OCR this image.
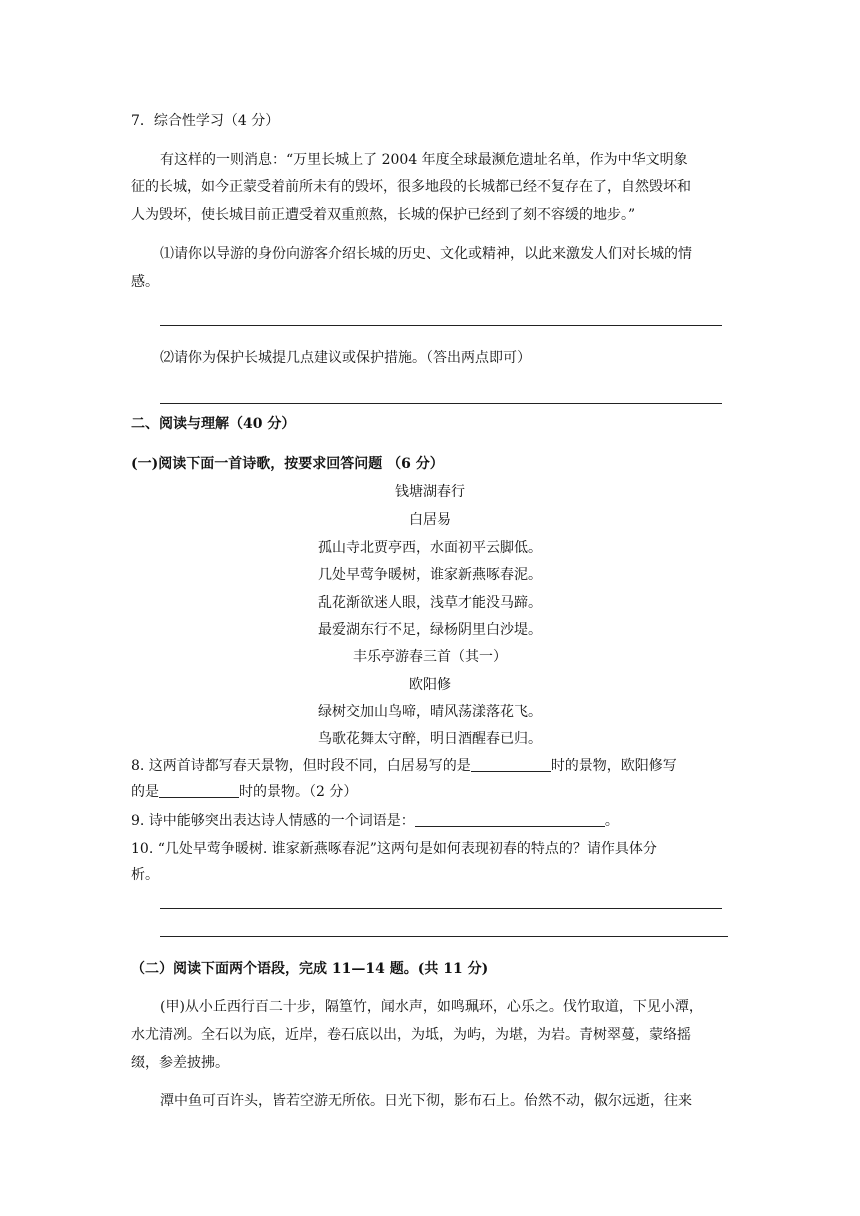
7．综合性学习（4 分）
有这样的一则消息：“万里长城上了 2004 年度全球最濒危遗址名单，作为中华文明象
征的长城，如今正蒙受着前所未有的毁坏，很多地段的长城都已经不复存在了，自然毁坏和
人为毁坏，使长城目前正遭受着双重煎熬，长城的保护已经到了刻不容缓的地步。”
⑴请你以导游的身份向游客介绍长城的历史、文化或精神，以此来激发人们对长城的情
感。
⑵请你为保护长城提几点建议或保护措施。（答出两点即可）
二、阅读与理解（40 分）
(一)阅读下面一首诗歌，按要求回答问题 （6 分）
钱塘湖春行
白居易
孤山寺北贾亭西，水面初平云脚低。
几处早莺争暖树，谁家新燕啄春泥。
乱花渐欲迷人眼，浅草才能没马蹄。
最爱湖东行不足，绿杨阴里白沙堤。
丰乐亭游春三首（其一）
欧阳修
绿树交加山鸟啼，晴风荡漾落花飞。
鸟歌花舞太守醉，明日酒醒春已归。
8. 这两首诗都写春天景物，但时段不同，白居易写的是	时的景物，欧阳修写
的是	时的景物。（2 分）
9. 诗中能够突出表达诗人情感的一个词语是：	。
10. “几处早莺争暖树. 谁家新燕啄春泥”这两句是如何表现初春的特点的？请作具体分
析。
（二）阅读下面两个语段，完成 11—14 题。(共 11 分)
(甲)从小丘西行百二十步，隔篁竹，闻水声，如鸣珮环，心乐之。伐竹取道，下见小潭，
水尤清冽。全石以为底，近岸，卷石底以出，为坻，为屿，为堪，为岩。青树翠蔓，蒙络摇
缀，参差披拂。
潭中鱼可百许头，皆若空游无所依。日光下彻，影布石上。佁然不动，俶尔远逝，往来
